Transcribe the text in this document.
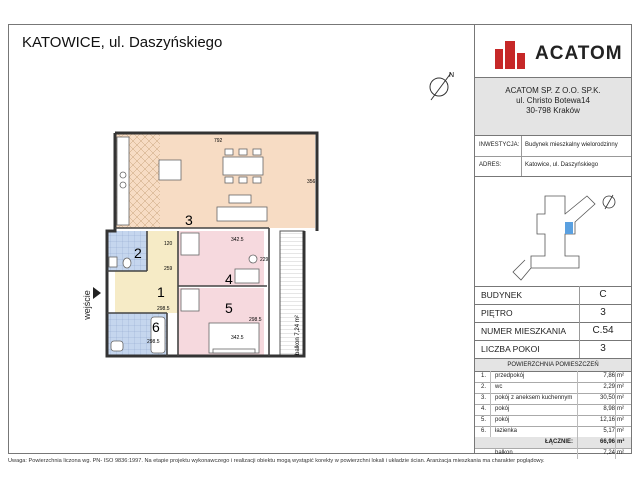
N
3
2
1
4
5
6
792
356
120
259
229
342.5
342.5
298.5
298.5
298.5	balkon 7,24 m²
KATOWICE, ul. Daszyńskiego
wejście
ACATOM
ACATOM SP. Z O.O. SP.K.
ul. Christo Botewa14
30-798 Kraków
INWESTYCJA: Budynek mieszkalny wielorodzinny
ADRES:	Katowice, ul. Daszyńskiego
BUDYNEK	C
PIĘTRO	3
NUMER MIESZKANIA	C.54
LICZBA POKOI	3
POWIERZCHNIA POMIESZCZEŃ
1. przedpokój	7,86 m²
2. wc	2,29 m²
3. pokój z aneksem kuchennym	30,50 m²
4. pokój	8,98 m²
5. pokój	12,16 m²
6. łazienka	5,17 m²
ŁĄCZNIE:	66,96 m²
balkon	7,24 m²
Uwaga: Powierzchnia liczona wg. PN- ISO 9836:1997. Na etapie projektu wykonawczego i realizacji obiektu mogą wystąpić korekty w powierzchni lokali i układzie ścian. Aranżacja mieszkania ma charakter poglądowy.
